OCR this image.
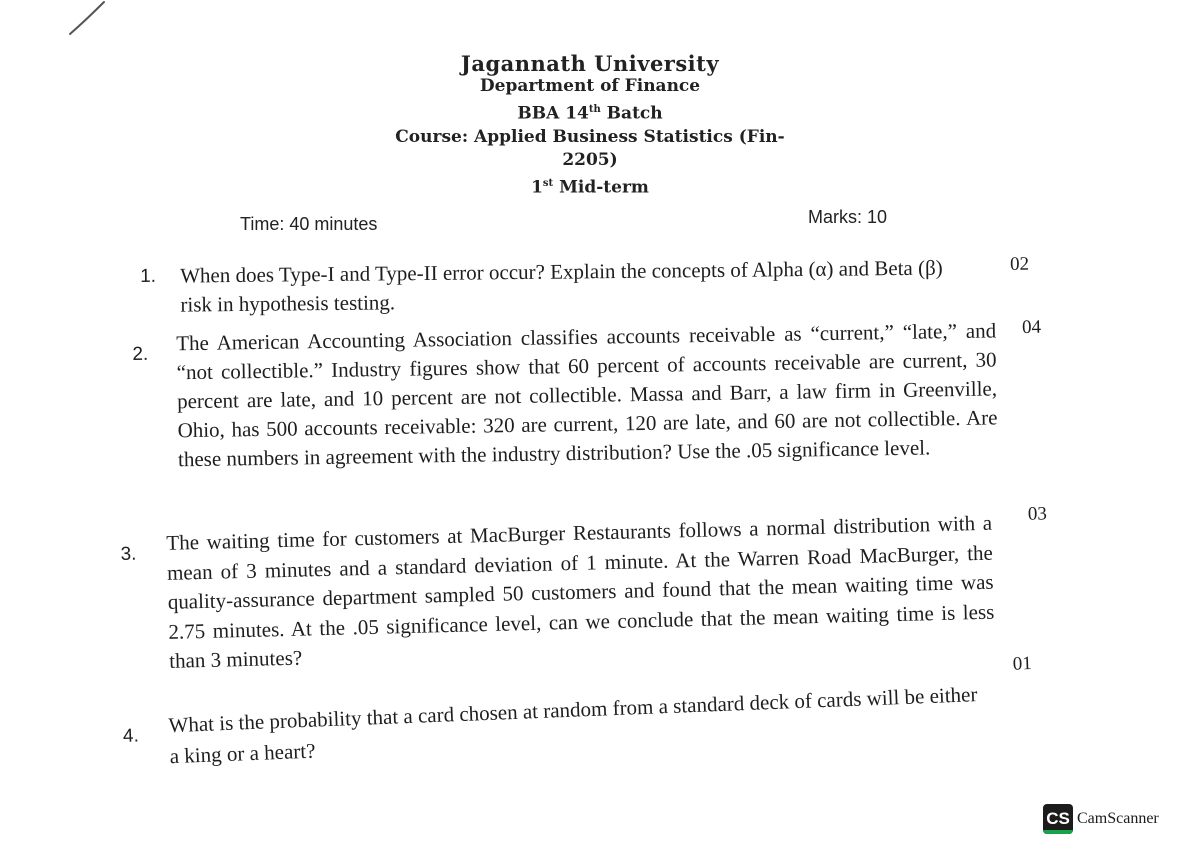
Jagannath University
Department of Finance
BBA 14th Batch
Course: Applied Business Statistics (Fin-2205)
1st Mid-term
Time: 40 minutes	Marks: 10
1. When does Type-I and Type-II error occur? Explain the concepts of Alpha (α) and Beta (β) risk in hypothesis testing.
02
2. The American Accounting Association classifies accounts receivable as “current,” “late,” and “not collectible.” Industry figures show that 60 percent of accounts receivable are current, 30 percent are late, and 10 percent are not collectible. Massa and Barr, a law firm in Greenville, Ohio, has 500 accounts receivable: 320 are current, 120 are late, and 60 are not collectible. Are these numbers in agreement with the industry distribution? Use the .05 significance level.
04
3. The waiting time for customers at MacBurger Restaurants follows a normal distribution with a mean of 3 minutes and a standard deviation of 1 minute. At the Warren Road MacBurger, the quality-assurance department sampled 50 customers and found that the mean waiting time was 2.75 minutes. At the .05 significance level, can we conclude that the mean waiting time is less than 3 minutes?
03
4. What is the probability that a card chosen at random from a standard deck of cards will be either a king or a heart?
01
CS CamScanner
